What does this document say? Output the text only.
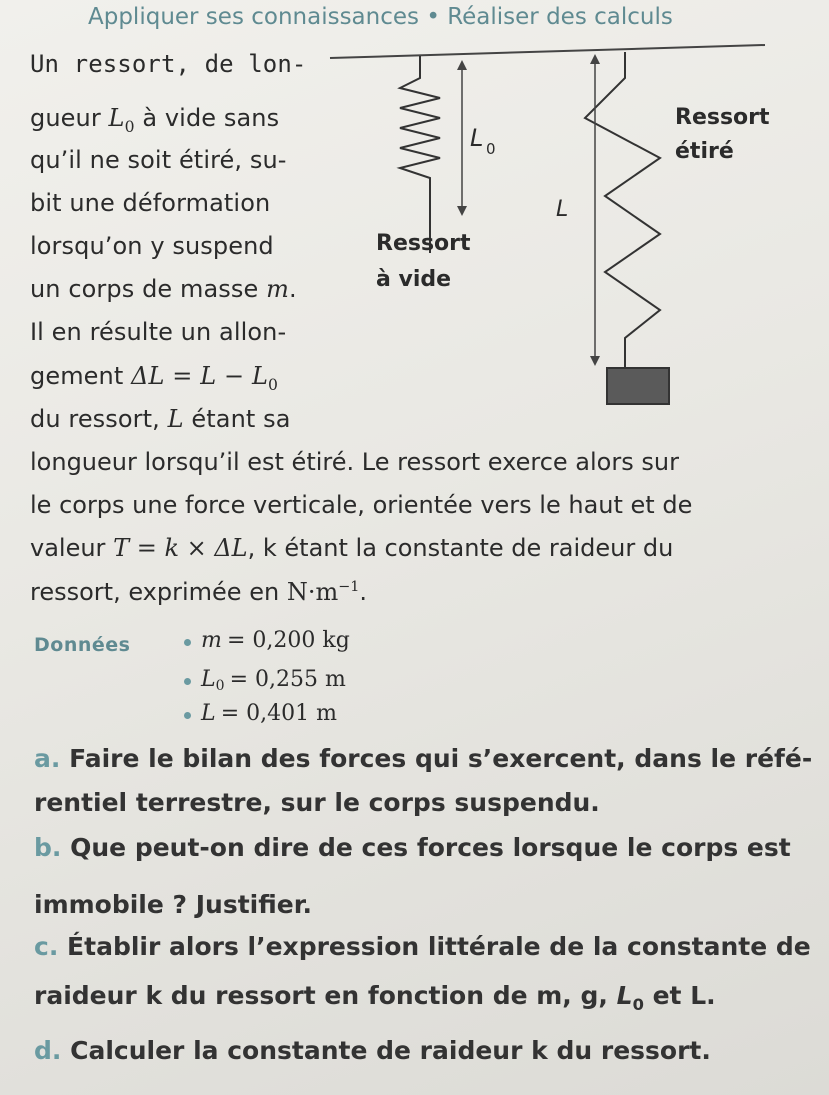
Appliquer ses connaissances • Réaliser des calculs
Un ressort, de lon-
gueur $L_0$ à vide sans
qu’il ne soit étiré, su-
bit une déformation
lorsqu’on y suspend
un corps de masse m.
Il en résulte un allon-
gement $\Delta L = L - L_0$
du ressort, L étant sa
longueur lorsqu’il est étiré. Le ressort exerce alors sur
le corps une force verticale, orientée vers le haut et de
valeur T = k × ΔL, k étant la constante de raideur du
ressort, exprimée en $N\cdot m^{-1}$.
L 0
Ressort
à vide
L
Ressort
étiré
Données	m = 0,200 kg
$L_0 = 0,255$ m
L = 0,401 m
a. Faire le bilan des forces qui s’exercent, dans le réfé-
rentiel terrestre, sur le corps suspendu.
b. Que peut-on dire de ces forces lorsque le corps est
immobile ? Justifier.
c. Établir alors l’expression littérale de la constante de
raideur k du ressort en fonction de m, g, $L_0$ et L.
d. Calculer la constante de raideur k du ressort.
